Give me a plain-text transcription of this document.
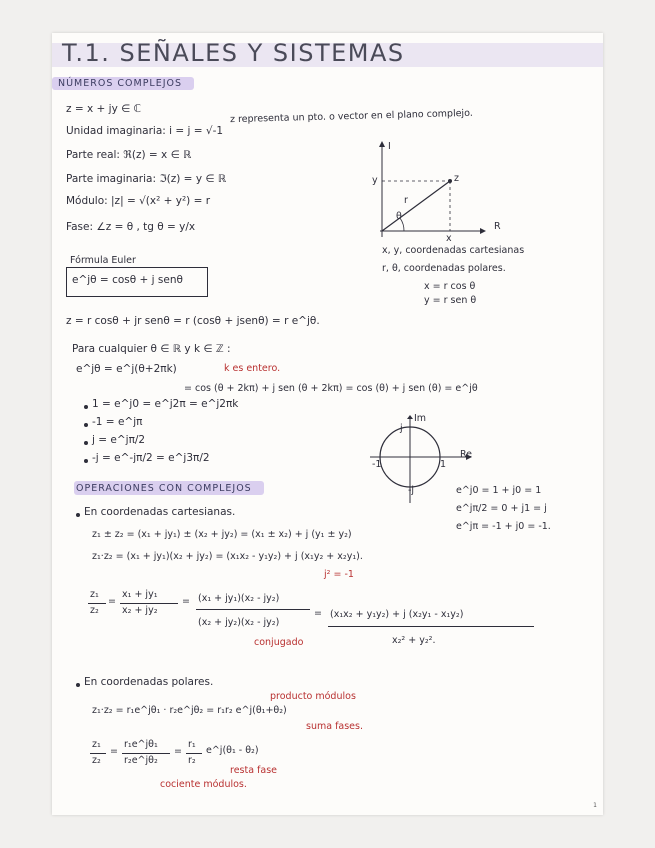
T.1. SEÑALES Y SISTEMAS
NÚMEROS COMPLEJOS
z = x + jy ∈ ℂ	z representa un pto. o vector en el plano complejo.
Unidad imaginaria: i = j = √-1
Parte real: ℜ(z) = x ∈ ℝ
Parte imaginaria: ℑ(z) = y ∈ ℝ
Módulo: |z| = √(x² + y²) = r
Fase: ∠z = θ , tg θ = y/x
Fórmula Euler
e^jθ = cosθ + j senθ
I
R
y
x
z
r
θ
x, y, coordenadas cartesianas
r, θ, coordenadas polares.
x = r cos θ
y = r sen θ
z = r cosθ + jr senθ = r (cosθ + jsenθ) = r e^jθ.
Para cualquier θ ∈ ℝ y k ∈ ℤ :
e^jθ = e^j(θ+2πk)	k es entero.
= cos (θ + 2kπ) + j sen (θ + 2kπ) = cos (θ) + j sen (θ) = e^jθ
1 = e^j0 = e^j2π = e^j2πk
-1 = e^jπ
j = e^jπ/2
-j = e^-jπ/2 = e^j3π/2
Im
Re
j
-j
1
-1
e^j0 = 1 + j0 = 1
e^jπ/2 = 0 + j1 = j
e^jπ = -1 + j0 = -1.
OPERACIONES CON COMPLEJOS
En coordenadas cartesianas.
z₁ ± z₂ = (x₁ + jy₁) ± (x₂ + jy₂) = (x₁ ± x₂) + j (y₁ ± y₂)
z₁·z₂ = (x₁ + jy₁)(x₂ + jy₂) = (x₁x₂ - y₁y₂) + j (x₁y₂ + x₂y₁).
j² = -1
z₁
z₂
=
x₁ + jy₁
x₂ + jy₂
= (x₁ + jy₁)(x₂ - jy₂)
(x₂ + jy₂)(x₂ - jy₂)
conjugado
= (x₁x₂ + y₁y₂) + j (x₂y₁ - x₁y₂)
x₂² + y₂².
En coordenadas polares.
producto módulos
z₁·z₂ = r₁e^jθ₁ · r₂e^jθ₂ = r₁r₂ e^j(θ₁+θ₂)
suma fases.
z₁
z₂
=
r₁e^jθ₁
r₂e^jθ₂
=
r₁
r₂
e^j(θ₁ - θ₂)
resta fase
cociente módulos.
1
